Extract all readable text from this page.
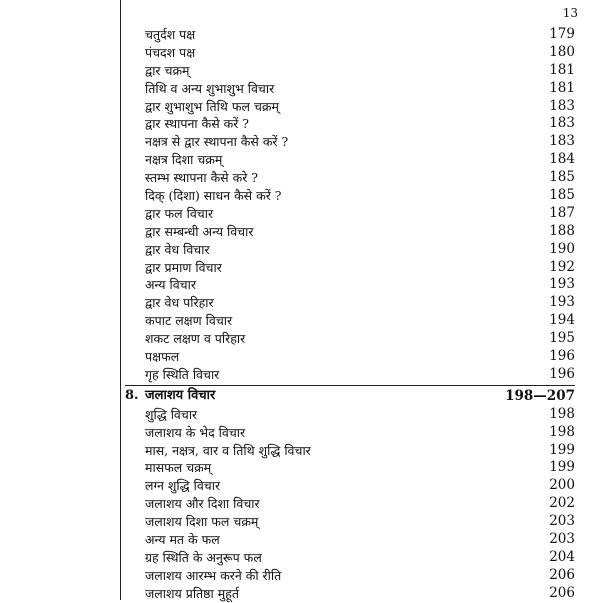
13
चतुर्दश पक्ष	179
पंचदश पक्ष	180
द्वार चक्रम्	181
तिथि व अन्य शुभाशुभ विचार	181
द्वार शुभाशुभ तिथि फल चक्रम्	183
द्वार स्थापना कैसे करें ?	183
नक्षत्र से द्वार स्थापना कैसे करें ?	183
नक्षत्र दिशा चक्रम्	184
स्तम्भ स्थापना कैसे करे ?	185
दिक् (दिशा) साधन कैसे करें ?	185
द्वार फल विचार	187
द्वार सम्बन्धी अन्य विचार	188
द्वार वेध विचार	190
द्वार प्रमाण विचार	192
अन्य विचार	193
द्वार वेध परिहार	193
कपाट लक्षण विचार	194
शकट लक्षण व परिहार	195
पक्षफल	196
गृह स्थिति विचार	196
8. जलाशय विचार	198—207
शुद्धि विचार	198
जलाशय के भेद विचार	198
मास, नक्षत्र, वार व तिथि शुद्धि विचार	199
मासफल चक्रम्	199
लग्न शुद्धि विचार	200
जलाशय और दिशा विचार	202
जलाशय दिशा फल चक्रम्	203
अन्य मत के फल	203
ग्रह स्थिति के अनुरूप फल	204
जलाशय आरम्भ करने की रीति	206
जलाशय प्रतिष्ठा मुहूर्त	206
